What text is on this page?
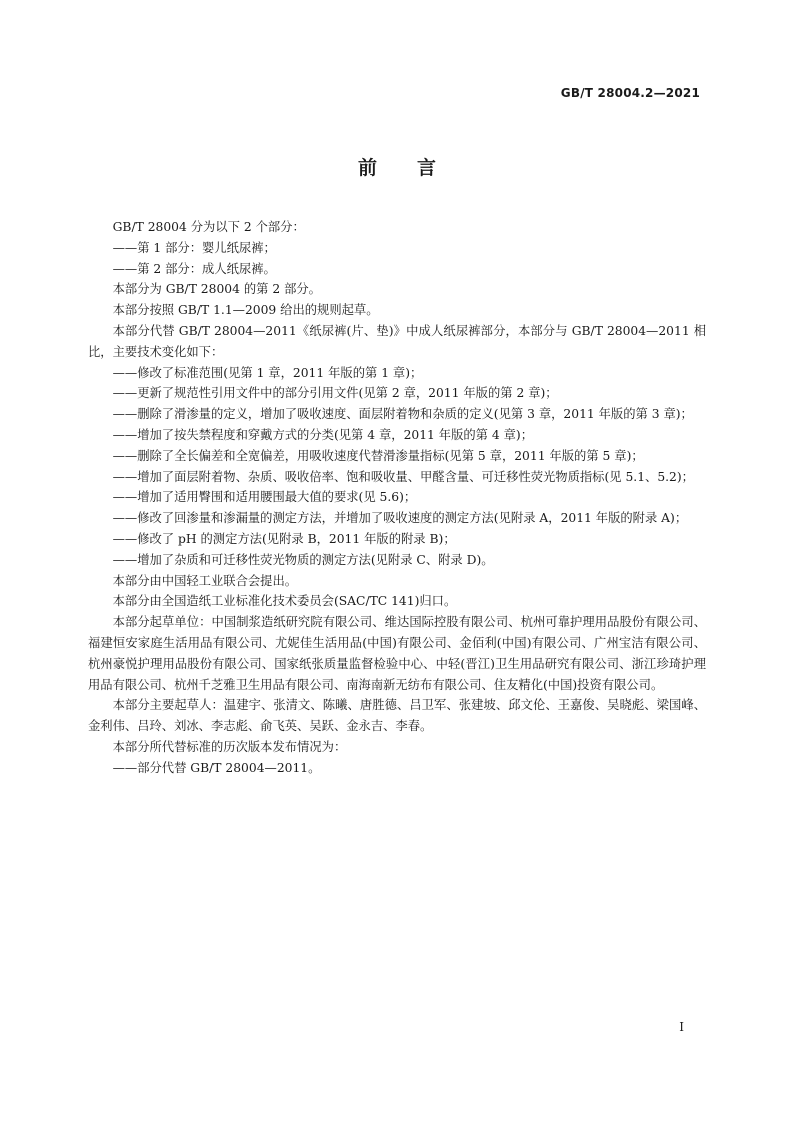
GB/T 28004.2—2021
前言

GB/T 28004 分为以下 2 个部分：

——第 1 部分：婴儿纸尿裤；

——第 2 部分：成人纸尿裤。

本部分为 GB/T 28004 的第 2 部分。

本部分按照 GB/T 1.1—2009 给出的规则起草。

本部分代替 GB/T 28004—2011《纸尿裤(片、垫)》中成人纸尿裤部分，本部分与 GB/T 28004—2011 相比，主要技术变化如下：

——修改了标准范围(见第 1 章，2011 年版的第 1 章)；

——更新了规范性引用文件中的部分引用文件(见第 2 章，2011 年版的第 2 章)；

——删除了滑渗量的定义，增加了吸收速度、面层附着物和杂质的定义(见第 3 章，2011 年版的第 3 章)；

——增加了按失禁程度和穿戴方式的分类(见第 4 章，2011 年版的第 4 章)；

——删除了全长偏差和全宽偏差，用吸收速度代替滑渗量指标(见第 5 章，2011 年版的第 5 章)；

——增加了面层附着物、杂质、吸收倍率、饱和吸收量、甲醛含量、可迁移性荧光物质指标(见 5.1、5.2)；

——增加了适用臀围和适用腰围最大值的要求(见 5.6)；

——修改了回渗量和渗漏量的测定方法，并增加了吸收速度的测定方法(见附录 A，2011 年版的附录 A)；

——修改了 pH 的测定方法(见附录 B，2011 年版的附录 B)；

——增加了杂质和可迁移性荧光物质的测定方法(见附录 C、附录 D)。

本部分由中国轻工业联合会提出。

本部分由全国造纸工业标准化技术委员会(SAC/TC 141)归口。

本部分起草单位：中国制浆造纸研究院有限公司、维达国际控股有限公司、杭州可靠护理用品股份有限公司、福建恒安家庭生活用品有限公司、尤妮佳生活用品(中国)有限公司、金佰利(中国)有限公司、广州宝洁有限公司、杭州豪悦护理用品股份有限公司、国家纸张质量监督检验中心、中轻(晋江)卫生用品研究有限公司、浙江珍琦护理用品有限公司、杭州千芝雅卫生用品有限公司、南海南新无纺布有限公司、住友精化(中国)投资有限公司。

本部分主要起草人：温建宇、张清文、陈曦、唐胜德、吕卫军、张建坡、邱文伦、王嘉俊、吴晓彪、梁国峰、金利伟、吕玲、刘冰、李志彪、俞飞英、吴跃、金永吉、李春。

本部分所代替标准的历次版本发布情况为：

——部分代替 GB/T 28004—2011。

I
